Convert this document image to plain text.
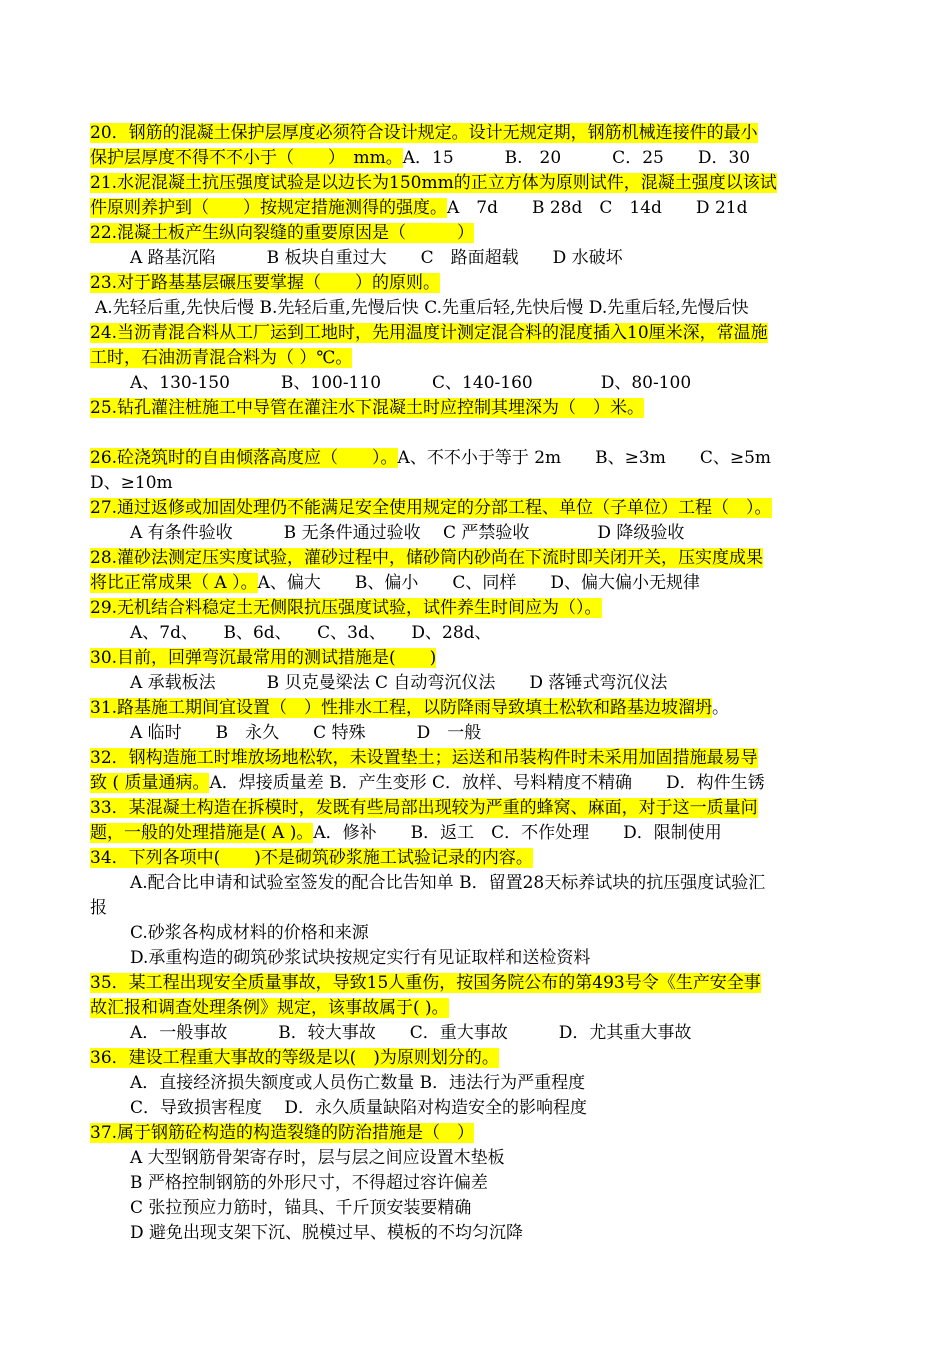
20．钢筋的混凝土保护层厚度必须符合设计规定。设计无规定期，钢筋机械连接件的最小
保护层厚度不得不不小于（　　）　mm。A．15　　　B.　20　　　C．25　　D．30
21.水泥混凝土抗压强度试验是以边长为150mm的正立方体为原则试件，混凝土强度以该试
件原则养护到（　　）按规定措施测得的强度。A　7d　　B 28d　C　14d　　D 21d
22.混凝土板产生纵向裂缝的重要原因是（　　　）
A 路基沉陷　　　B 板块自重过大　　C　路面超载　　D 水破坏
23.对于路基基层碾压要掌握（　　）的原则。
A.先轻后重,先快后慢 B.先轻后重,先慢后快 C.先重后轻,先快后慢 D.先重后轻,先慢后快
24.当沥青混合料从工厂运到工地时，先用温度计测定混合料的混度插入10厘米深，常温施
工时，石油沥青混合料为（ ）℃。
A、130-150　　　B、100-110　　　C、140-160　　　　D、80-100
25.钻孔灌注桩施工中导管在灌注水下混凝土时应控制其埋深为（　）米。
26.砼浇筑时的自由倾落高度应（　　）。A、不不小于等于 2m　　B、≥3m　　C、≥5m
D、≥10m
27.通过返修或加固处理仍不能满足安全使用规定的分部工程、单位（子单位）工程（　）。
A 有条件验收　　　B 无条件通过验收　 C 严禁验收　　　　D 降级验收
28.灌砂法测定压实度试验，灌砂过程中，储砂筒内砂尚在下流时即关闭开关，压实度成果
将比正常成果（ A ）。A、偏大　　B、偏小　　C、同样　　D、偏大偏小无规律
29.无机结合料稳定土无侧限抗压强度试验，试件养生时间应为（）。
A、7d、　　B、6d、　　C、3d、　　D、28d、
30.目前，回弹弯沉最常用的测试措施是(　　)
A 承载板法　　　B 贝克曼梁法 C 自动弯沉仪法　　D 落锤式弯沉仪法
31.路基施工期间宜设置（　）性排水工程，以防降雨导致填土松软和路基边坡溜坍。
A 临时　　B　永久　　C 特殊　　　D　一般
32．钢构造施工时堆放场地松软，未设置垫土；运送和吊装构件时未采用加固措施最易导
致 ( 质量通病。A．焊接质量差 B．产生变形 C．放样、号料精度不精确　　D．构件生锈
33．某混凝土构造在拆模时，发既有些局部出现较为严重的蜂窝、麻面，对于这一质量问
题，一般的处理措施是( A )。A．修补　　B．返工　C．不作处理　　D．限制使用
34．下列各项中(　　)不是砌筑砂浆施工试验记录的内容。
A.配合比申请和试验室签发的配合比告知单 B．留置28天标养试块的抗压强度试验汇
报
C.砂浆各构成材料的价格和来源
D.承重构造的砌筑砂浆试块按规定实行有见证取样和送检资料
35．某工程出现安全质量事故，导致15人重伤，按国务院公布的第493号令《生产安全事
故汇报和调查处理条例》规定，该事故属于( )。
A．一般事故　　　B．较大事故　　C．重大事故　　　D．尤其重大事故
36．建设工程重大事故的等级是以(　)为原则划分的。
A．直接经济损失额度或人员伤亡数量 B．违法行为严重程度
C．导致损害程度　 D．永久质量缺陷对构造安全的影响程度
37.属于钢筋砼构造的构造裂缝的防治措施是（　）
A 大型钢筋骨架寄存时，层与层之间应设置木垫板
B 严格控制钢筋的外形尺寸，不得超过容许偏差
C 张拉预应力筋时，锚具、千斤顶安装要精确
D 避免出现支架下沉、脱模过早、模板的不均匀沉降
